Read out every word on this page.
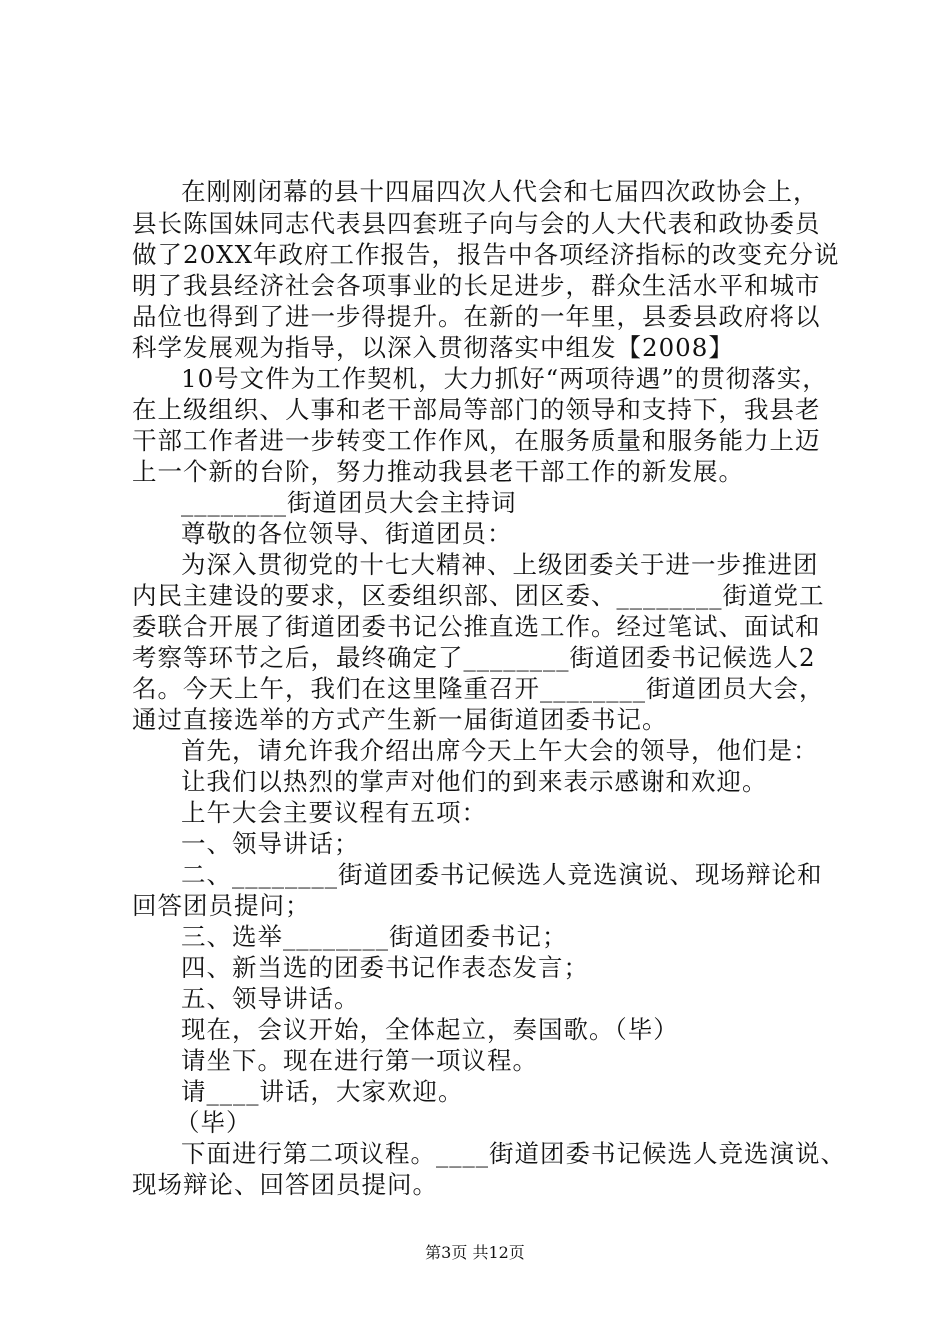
在刚刚闭幕的县十四届四次人代会和七届四次政协会上，
县长陈国妹同志代表县四套班子向与会的人大代表和政协委员
做了20XX年政府工作报告，报告中各项经济指标的改变充分说
明了我县经济社会各项事业的长足进步，群众生活水平和城市
品位也得到了进一步得提升。在新的一年里，县委县政府将以
科学发展观为指导，以深入贯彻落实中组发【2008】
10号文件为工作契机，大力抓好“两项待遇”的贯彻落实，
在上级组织、人事和老干部局等部门的领导和支持下，我县老
干部工作者进一步转变工作作风，在服务质量和服务能力上迈
上一个新的台阶，努力推动我县老干部工作的新发展。
________街道团员大会主持词
尊敬的各位领导、街道团员：
为深入贯彻党的十七大精神、上级团委关于进一步推进团
内民主建设的要求，区委组织部、团区委、________街道党工
委联合开展了街道团委书记公推直选工作。经过笔试、面试和
考察等环节之后，最终确定了________街道团委书记候选人2
名。今天上午，我们在这里隆重召开________街道团员大会，
通过直接选举的方式产生新一届街道团委书记。
首先，请允许我介绍出席今天上午大会的领导，他们是：
让我们以热烈的掌声对他们的到来表示感谢和欢迎。
上午大会主要议程有五项：
一、领导讲话；
二、________街道团委书记候选人竞选演说、现场辩论和
回答团员提问；
三、选举________街道团委书记；
四、新当选的团委书记作表态发言；
五、领导讲话。
现在，会议开始，全体起立，奏国歌。（毕）
请坐下。现在进行第一项议程。
请____讲话，大家欢迎。
（毕）
下面进行第二项议程。____街道团委书记候选人竞选演说、
现场辩论、回答团员提问。
第3页 共12页
